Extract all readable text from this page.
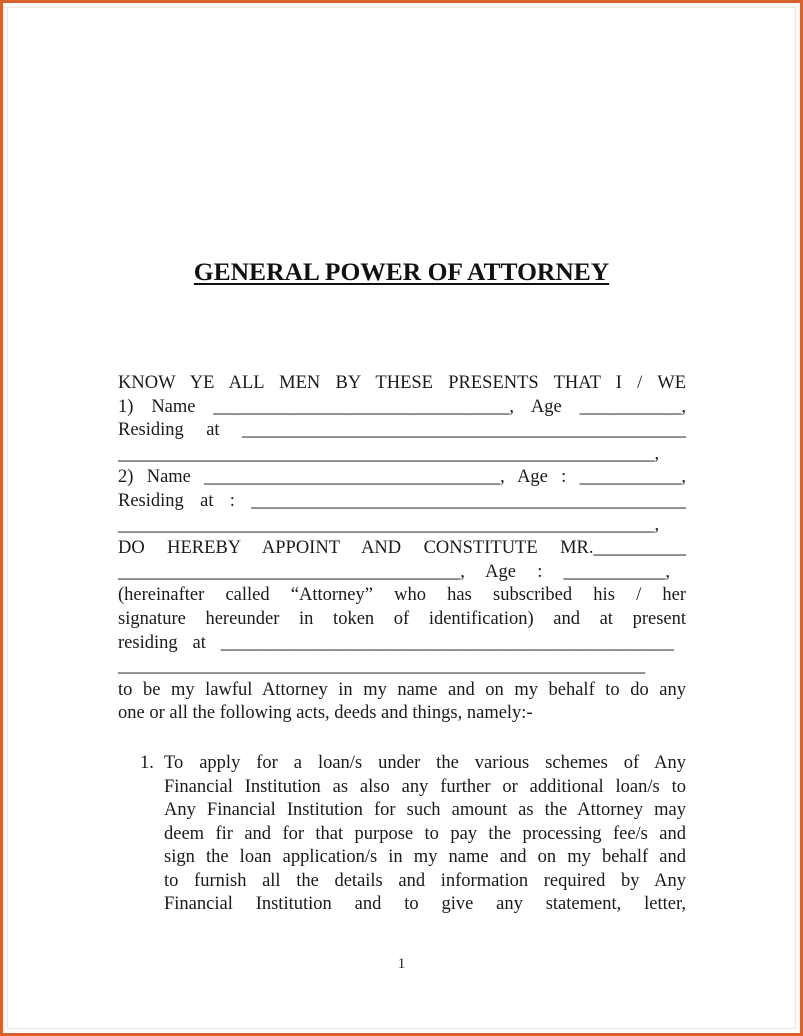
GENERAL POWER OF ATTORNEY
KNOW YE ALL MEN BY THESE PRESENTS THAT I / WE
1) Name ________________________________, Age ___________,
Residing at ________________________________________________
__________________________________________________________,
2) Name ________________________________, Age : ___________,
Residing at : _______________________________________________
__________________________________________________________,
DO HEREBY APPOINT AND CONSTITUTE MR.__________
_____________________________________, Age : ___________,
(hereinafter called “Attorney” who has subscribed his / her
signature hereunder in token of identification) and at present
residing at _________________________________________________
_________________________________________________________
to be my lawful Attorney in my name and on my behalf to do any
one or all the following acts, deeds and things, namely:-
1. To apply for a loan/s under the various schemes of Any
Financial Institution as also any further or additional loan/s to
Any Financial Institution for such amount as the Attorney may
deem fir and for that purpose to pay the processing fee/s and
sign the loan application/s in my name and on my behalf and
to furnish all the details and information required by Any
Financial Institution and to give any statement, letter,
1
